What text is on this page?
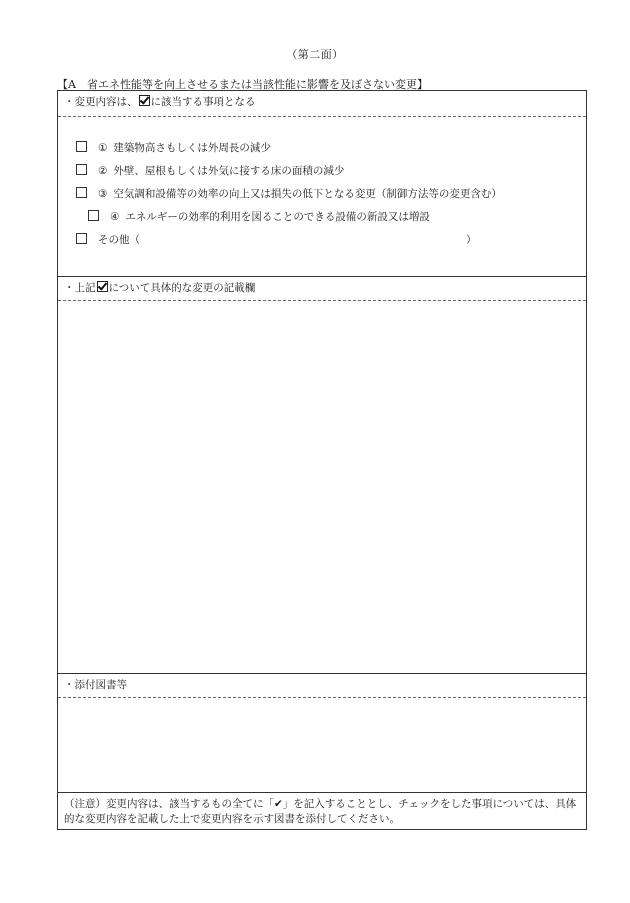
（第二面）
【A　省エネ性能等を向上させるまたは当該性能に影響を及ぼさない変更】
・変更内容は、 に該当する事項となる
① 建築物高さもしくは外周長の減少
② 外壁、屋根もしくは外気に接する床の面積の減少
③ 空気調和設備等の効率の向上又は損失の低下となる変更（制御方法等の変更含む）
④ エネルギーの効率的利用を図ることのできる設備の新設又は増設
その他（	）
・上記 について具体的な変更の記載欄
・添付図書等
（注意）変更内容は、該当するもの全てに「✔」を記入することとし、チェックをした事項については、具体的な変更内容を記載した上で変更内容を示す図書を添付してください。
